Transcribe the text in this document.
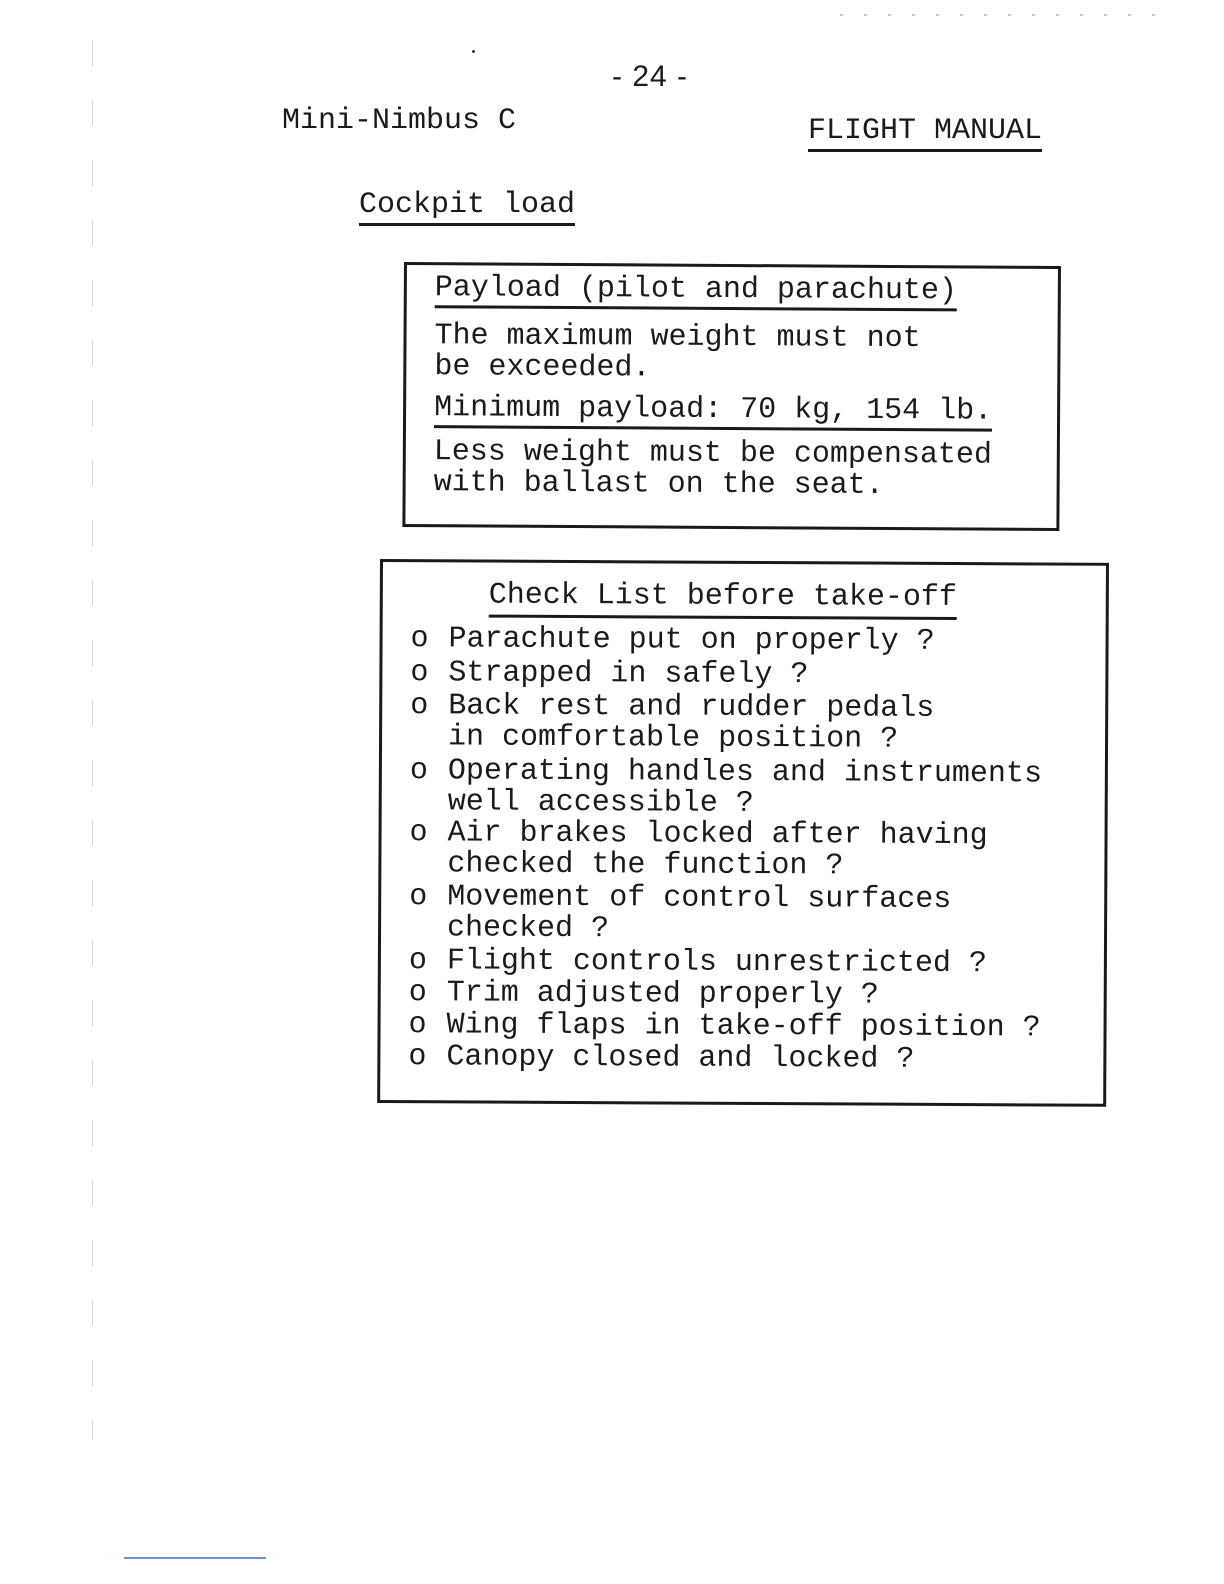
- 24 -
Mini-Nimbus C	FLIGHT MANUAL
Cockpit load
Payload (pilot and parachute)
The maximum weight must not
be exceeded.
Minimum payload: 70 kg, 154 lb.
Less weight must be compensated
with ballast on the seat.
Check List before take-off
o Parachute put on properly ?
o Strapped in safely ?
o Back rest and rudder pedals
in comfortable position ?
o Operating handles and instruments
well accessible ?
o Air brakes locked after having
checked the function ?
o Movement of control surfaces
checked ?
o Flight controls unrestricted ?
o Trim adjusted properly ?
o Wing flaps in take-off position ?
o Canopy closed and locked ?
